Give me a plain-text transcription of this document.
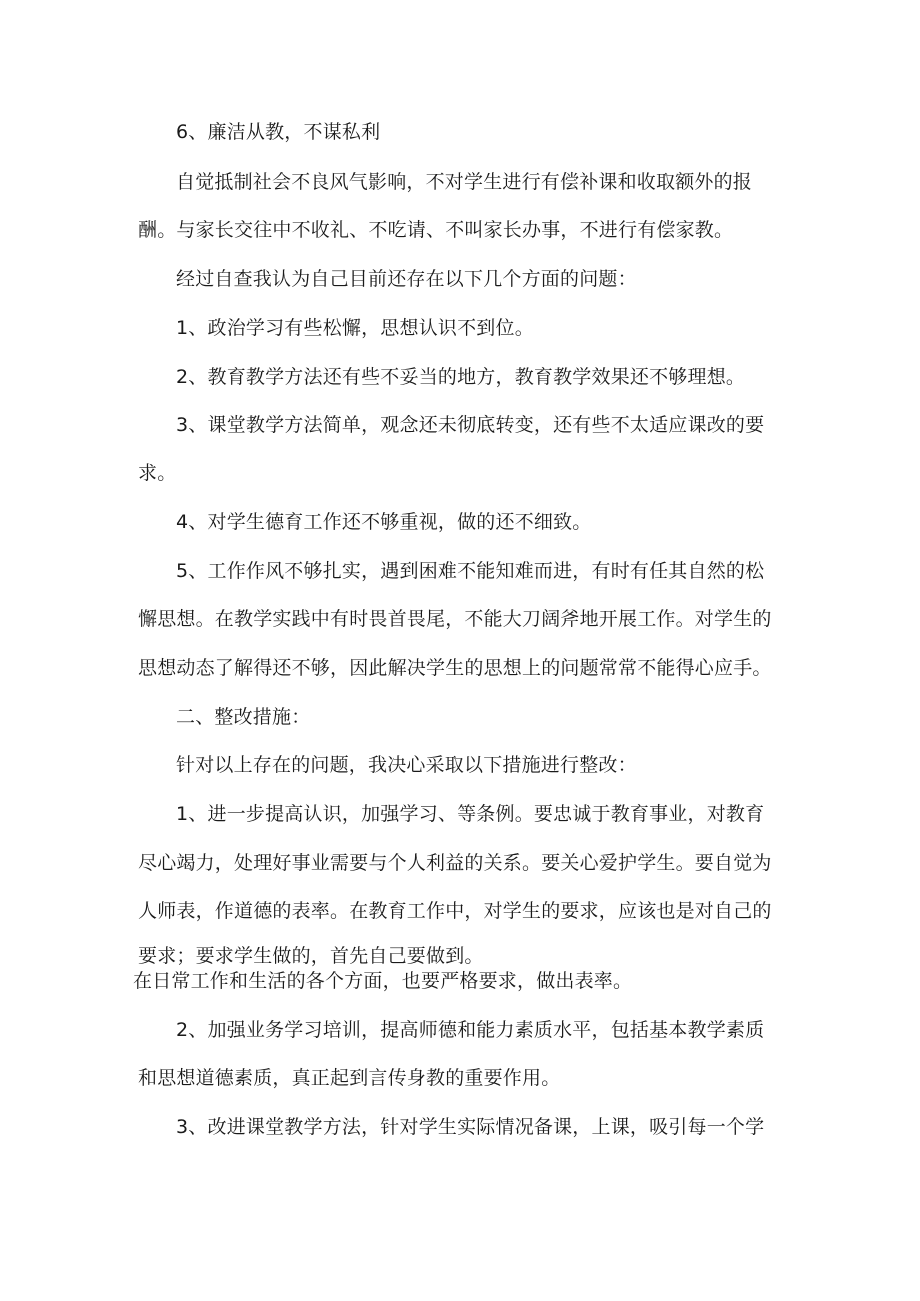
6、廉洁从教，不谋私利
自觉抵制社会不良风气影响，不对学生进行有偿补课和收取额外的报
酬。与家长交往中不收礼、不吃请、不叫家长办事，不进行有偿家教。
经过自查我认为自己目前还存在以下几个方面的问题：
1、政治学习有些松懈，思想认识不到位。
2、教育教学方法还有些不妥当的地方，教育教学效果还不够理想。
3、课堂教学方法简单，观念还未彻底转变，还有些不太适应课改的要
求。
4、对学生德育工作还不够重视，做的还不细致。
5、工作作风不够扎实，遇到困难不能知难而进，有时有任其自然的松
懈思想。在教学实践中有时畏首畏尾，不能大刀阔斧地开展工作。对学生的
思想动态了解得还不够，因此解决学生的思想上的问题常常不能得心应手。
二、整改措施：
针对以上存在的问题，我决心采取以下措施进行整改：
1、进一步提高认识，加强学习、等条例。要忠诚于教育事业，对教育
尽心竭力，处理好事业需要与个人利益的关系。要关心爱护学生。要自觉为
人师表，作道德的表率。在教育工作中，对学生的要求，应该也是对自己的
要求；要求学生做的，首先自己要做到。
在日常工作和生活的各个方面，也要严格要求，做出表率。
2、加强业务学习培训，提高师德和能力素质水平，包括基本教学素质
和思想道德素质，真正起到言传身教的重要作用。
3、改进课堂教学方法，针对学生实际情况备课，上课，吸引每一个学
